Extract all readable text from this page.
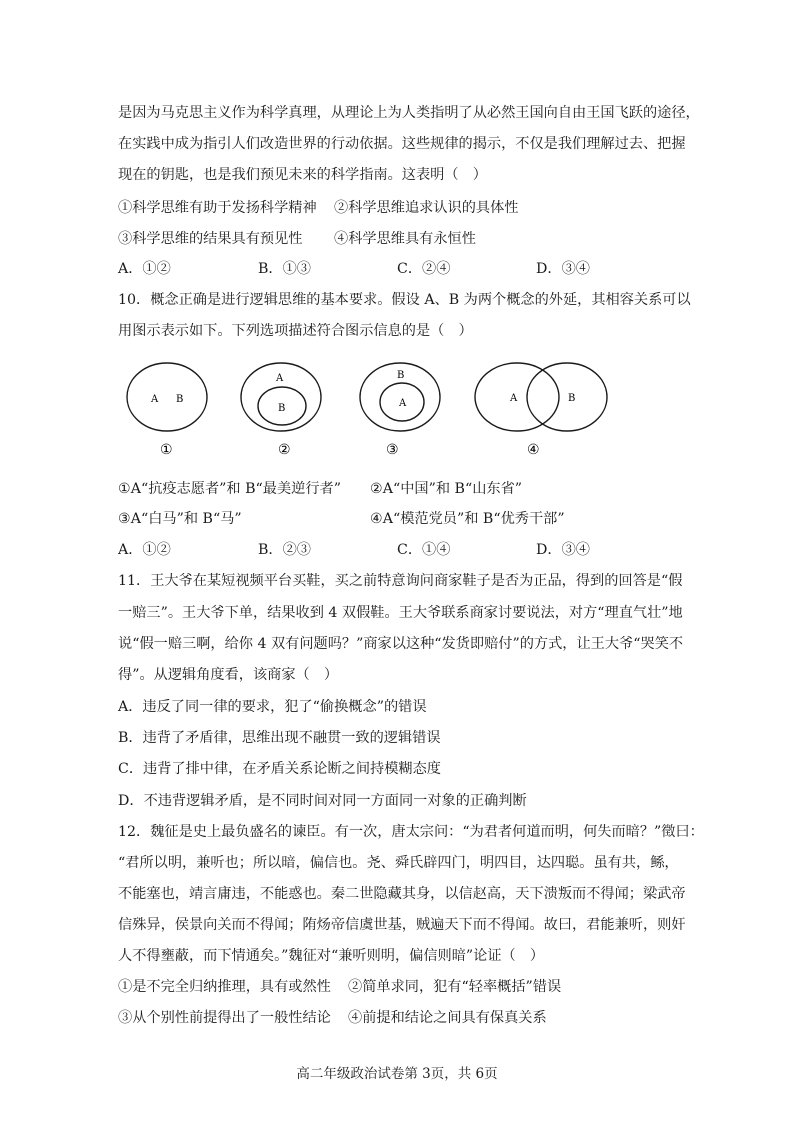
是因为马克思主义作为科学真理，从理论上为人类指明了从必然王国向自由王国飞跃的途径，
在实践中成为指引人们改造世界的行动依据。这些规律的揭示，不仅是我们理解过去、把握
现在的钥匙，也是我们预见未来的科学指南。这表明（　）
①科学思维有助于发扬科学精神 ②科学思维追求认识的具体性
③科学思维的结果具有预见性 ④科学思维具有永恒性
A．①②	B．①③	C．②④	D．③④
10．概念正确是进行逻辑思维的基本要求。假设 A、B 为两个概念的外延，其相容关系可以
用图示表示如下。下列选项描述符合图示信息的是（　）
A B
①
A
B
②
B
A
③
A	B
④
①A“抗疫志愿者”和 B“最美逆行者” ②A“中国”和 B“山东省”
③A“白马”和 B“马”	④A“模范党员”和 B“优秀干部”
A．①②	B．②③	C．①④	D．③④
11．王大爷在某短视频平台买鞋，买之前特意询问商家鞋子是否为正品，得到的回答是“假
一赔三”。王大爷下单，结果收到 4 双假鞋。王大爷联系商家讨要说法，对方“理直气壮”地
说“假一赔三啊，给你 4 双有问题吗？”商家以这种“发货即赔付”的方式，让王大爷“哭笑不
得”。从逻辑角度看，该商家（　）
A．违反了同一律的要求，犯了“偷换概念”的错误
B．违背了矛盾律，思维出现不融贯一致的逻辑错误
C．违背了排中律，在矛盾关系论断之间持模糊态度
D．不违背逻辑矛盾，是不同时间对同一方面同一对象的正确判断
12．魏征是史上最负盛名的谏臣。有一次，唐太宗问：“为君者何道而明，何失而暗？”徵曰：
“君所以明，兼听也；所以暗，偏信也。尧、舜氏辟四门，明四目，达四聪。虽有共，鲧，
不能塞也，靖言庸违，不能惑也。秦二世隐藏其身，以信赵高，天下溃叛而不得闻；梁武帝
信殊异，侯景向关而不得闻；陏炀帝信虞世基，贼遍天下而不得闻。故曰，君能兼听，则奸
人不得壅蔽，而下情通矣。”魏征对“兼听则明，偏信则暗”论证（　）
①是不完全归纳推理，具有或然性 ②简单求同，犯有“轻率概括”错误
③从个别性前提得出了一般性结论 ④前提和结论之间具有保真关系
高二年级政治试卷第 3页，共 6页
